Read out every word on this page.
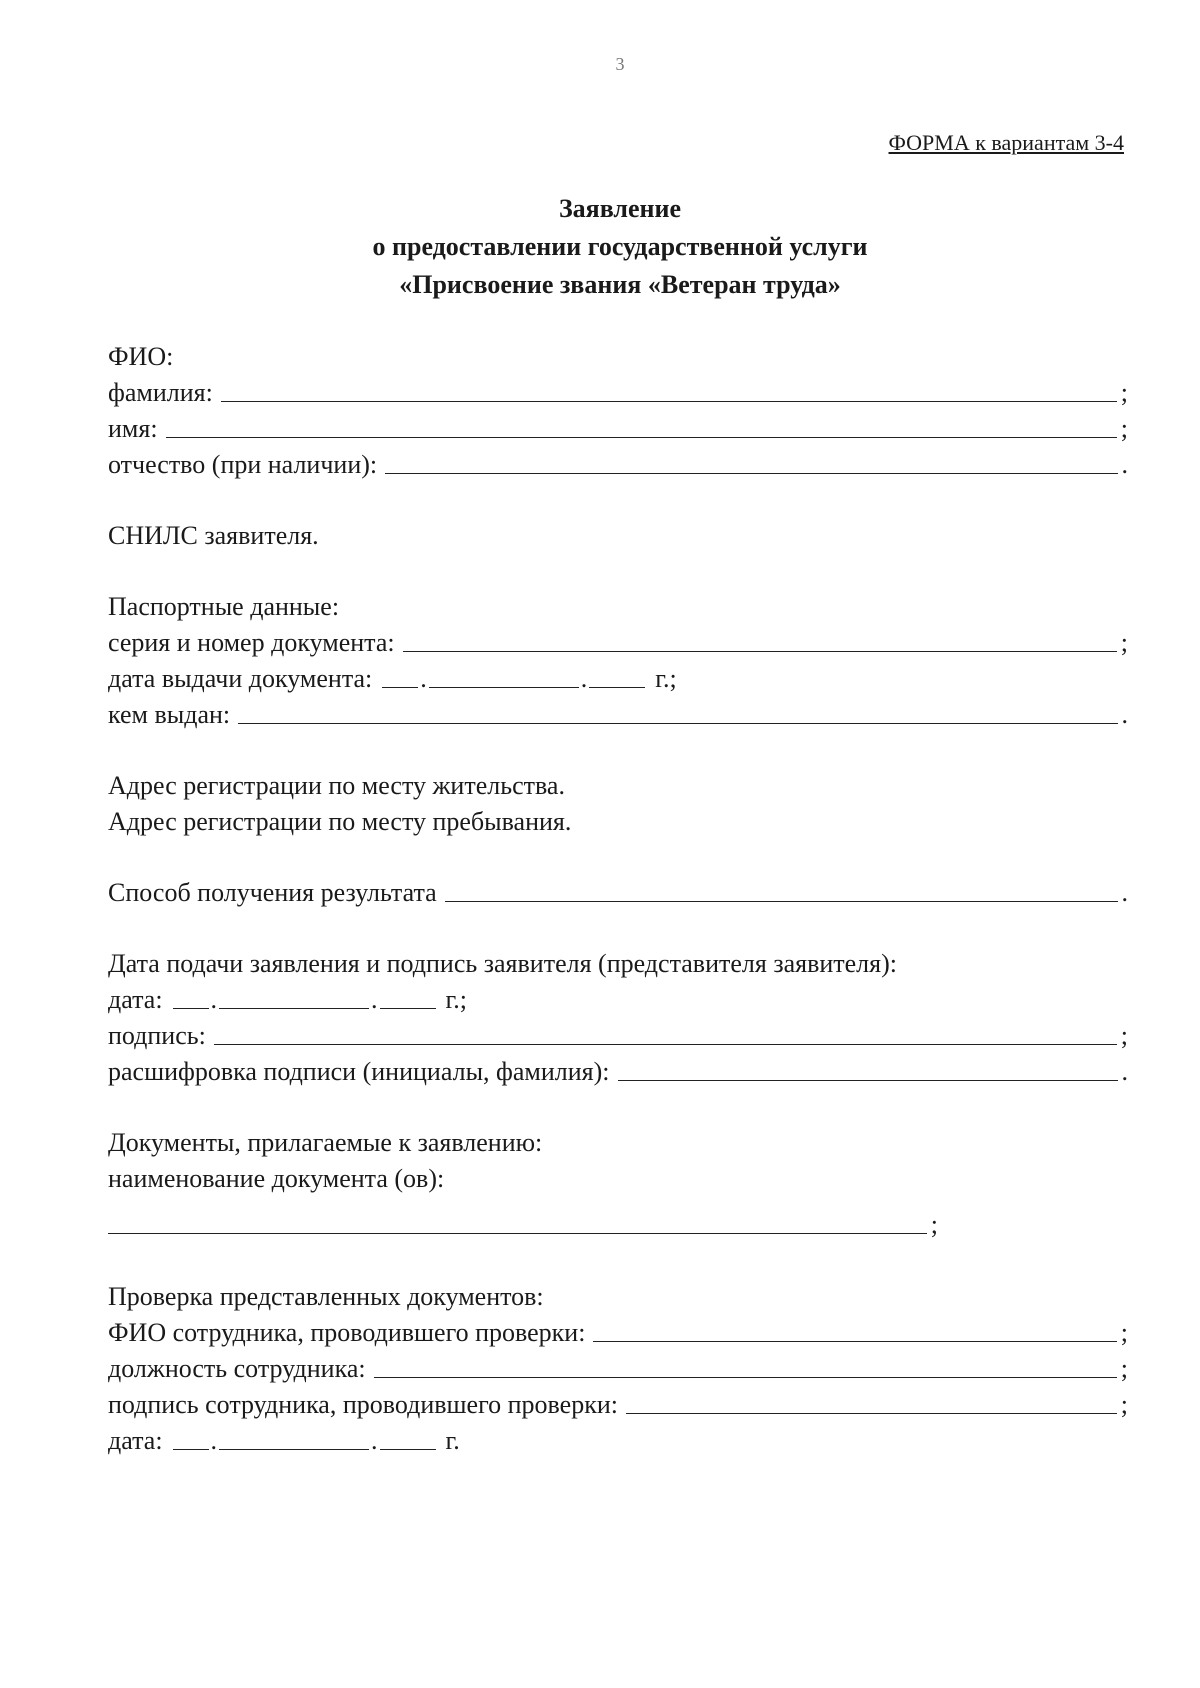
3
ФОРМА к вариантам 3-4
Заявление
о предоставлении государственной услуги
«Присвоение звания «Ветеран труда»
ФИО:
фамилия:	;
имя:	;
отчество (при наличии):	.
СНИЛС заявителя.
Паспортные данные:
серия и номер документа:	;
дата выдачи документа: .	.	г.;
кем выдан:	.
Адрес регистрации по месту жительства.
Адрес регистрации по месту пребывания.
Способ получения результата	.
Дата подачи заявления и подпись заявителя (представителя заявителя):
дата: .	.	г.;
подпись:	;
расшифровка подписи (инициалы, фамилия):	.
Документы, прилагаемые к заявлению:
наименование документа (ов):
;
Проверка представленных документов:
ФИО сотрудника, проводившего проверки:	;
должность сотрудника:	;
подпись сотрудника, проводившего проверки:	;
дата: .	.	г.
